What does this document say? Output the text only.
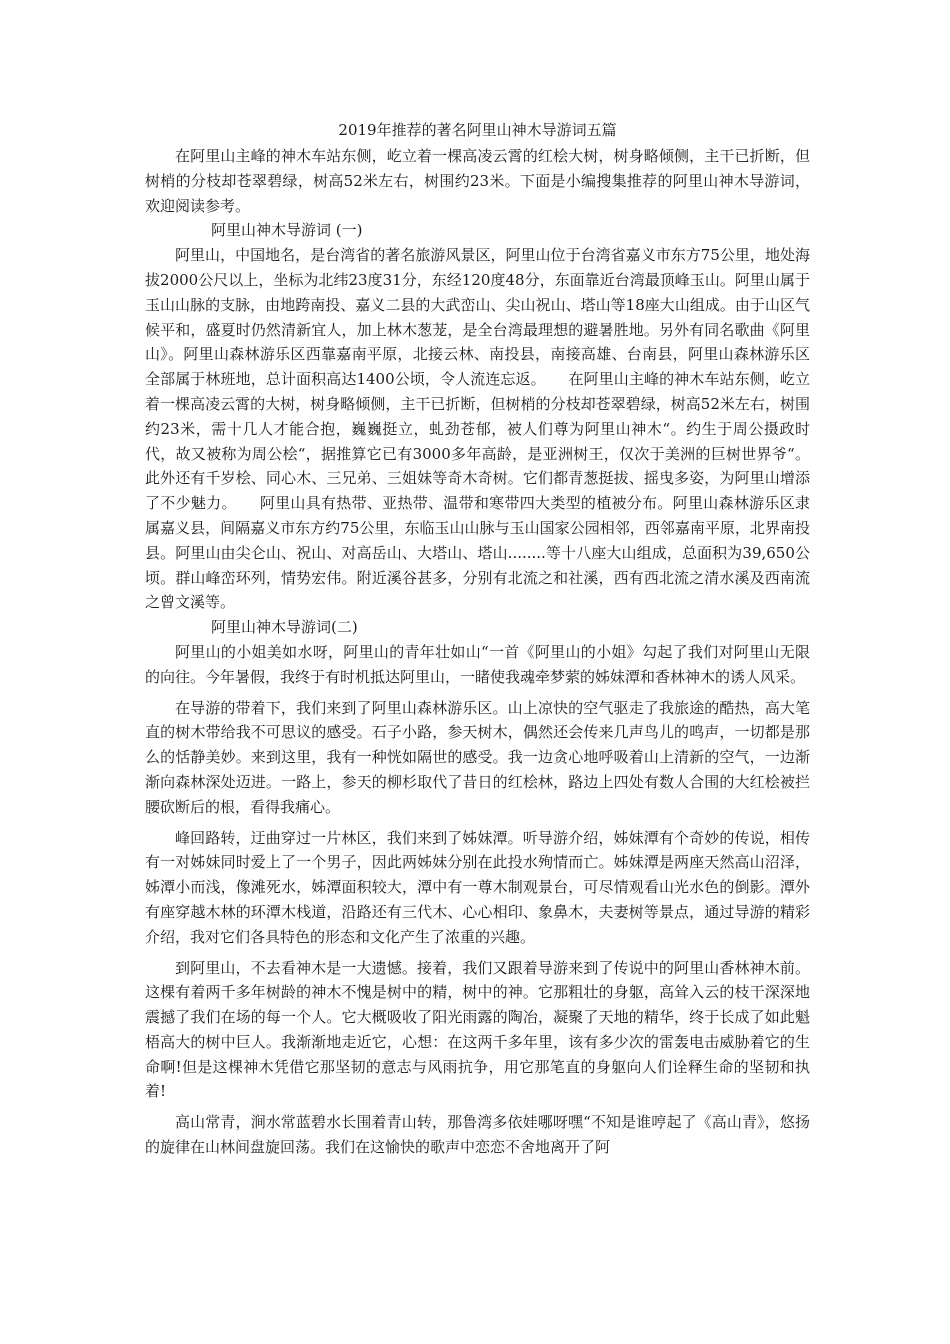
2019年推荐的著名阿里山神木导游词五篇

在阿里山主峰的神木车站东侧，屹立着一棵高凌云霄的红桧大树，树身略倾侧，主干已折断，但树梢的分枝却苍翠碧绿，树高52米左右，树围约23米。下面是小编搜集推荐的阿里山神木导游词，欢迎阅读参考。

阿里山神木导游词 (一)

阿里山，中国地名，是台湾省的著名旅游风景区，阿里山位于台湾省嘉义市东方75公里，地处海拔2000公尺以上，坐标为北纬23度31分，东经120度48分，东面靠近台湾最顶峰玉山。阿里山属于玉山山脉的支脉，由地跨南投、嘉义二县的大武峦山、尖山祝山、塔山等18座大山组成。由于山区气候平和，盛夏时仍然清新宜人，加上林木葱茏，是全台湾最理想的避暑胜地。另外有同名歌曲《阿里山》。阿里山森林游乐区西靠嘉南平原，北接云林、南投县，南接高雄、台南县，阿里山森林游乐区全部属于林班地，总计面积高达1400公顷，令人流连忘返。　　在阿里山主峰的神木车站东侧，屹立着一棵高凌云霄的大树，树身略倾侧，主干已折断，但树梢的分枝却苍翠碧绿，树高52米左右，树围约23米，需十几人才能合抱，巍巍挺立，虬劲苍郁，被人们尊为阿里山神木“。约生于周公摄政时代，故又被称为周公桧“，据推算它已有3000多年高龄，是亚洲树王，仅次于美洲的巨树世界爷“。此外还有千岁桧、同心木、三兄弟、三姐妹等奇木奇树。它们都青葱挺拔、摇曳多姿，为阿里山增添了不少魅力。　　阿里山具有热带、亚热带、温带和寒带四大类型的植被分布。阿里山森林游乐区隶属嘉义县，间隔嘉义市东方约75公里，东临玉山山脉与玉山国家公园相邻，西邻嘉南平原，北界南投县。阿里山由尖仑山、祝山、对高岳山、大塔山、塔山........等十八座大山组成，总面积为39,650公顷。群山峰峦环列，情势宏伟。附近溪谷甚多，分别有北流之和社溪，西有西北流之清水溪及西南流之曾文溪等。

阿里山神木导游词(二)

阿里山的小姐美如水呀，阿里山的青年壮如山“一首《阿里山的小姐》勾起了我们对阿里山无限的向往。今年暑假，我终于有时机抵达阿里山，一睹使我魂牵梦萦的姊妹潭和香林神木的诱人风采。

在导游的带着下，我们来到了阿里山森林游乐区。山上凉快的空气驱走了我旅途的酷热，高大笔直的树木带给我不可思议的感受。石子小路，参天树木，偶然还会传来几声鸟儿的鸣声，一切都是那么的恬静美妙。来到这里，我有一种恍如隔世的感受。我一边贪心地呼吸着山上清新的空气，一边渐渐向森林深处迈进。一路上，参天的柳杉取代了昔日的红桧林，路边上四处有数人合围的大红桧被拦腰砍断后的根，看得我痛心。

峰回路转，迂曲穿过一片林区，我们来到了姊妹潭。听导游介绍，姊妹潭有个奇妙的传说，相传有一对姊妹同时爱上了一个男子，因此两姊妹分别在此投水殉情而亡。姊妹潭是两座天然高山沼泽，姊潭小而浅，像滩死水，姊潭面积较大，潭中有一尊木制观景台，可尽情观看山光水色的倒影。潭外有座穿越木林的环潭木栈道，沿路还有三代木、心心相印、象鼻木，夫妻树等景点，通过导游的精彩介绍，我对它们各具特色的形态和文化产生了浓重的兴趣。

到阿里山，不去看神木是一大遗憾。接着，我们又跟着导游来到了传说中的阿里山香林神木前。这棵有着两千多年树龄的神木不愧是树中的精，树中的神。它那粗壮的身躯，高耸入云的枝干深深地震撼了我们在场的每一个人。它大概吸收了阳光雨露的陶冶，凝聚了天地的精华，终于长成了如此魁梧高大的树中巨人。我渐渐地走近它，心想：在这两千多年里，该有多少次的雷轰电击威胁着它的生命啊!但是这棵神木凭借它那坚韧的意志与风雨抗争，用它那笔直的身躯向人们诠释生命的坚韧和执着!

高山常青，涧水常蓝碧水长围着青山转，那鲁湾多依娃哪呀嘿“不知是谁哼起了《高山青》，悠扬的旋律在山林间盘旋回荡。我们在这愉快的歌声中恋恋不舍地离开了阿
